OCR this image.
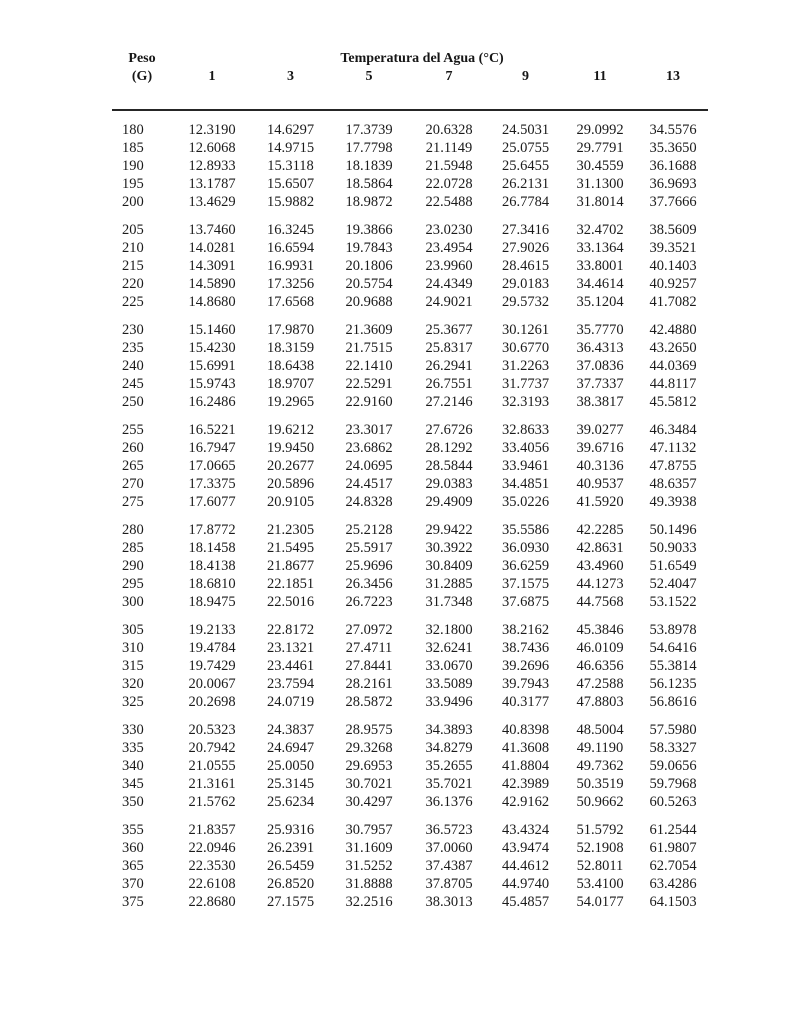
Peso	Temperatura del Agua (°C)						
(G)	1	3	5	7	9	11	13
180	12.3190	14.6297	17.3739	20.6328	24.5031	29.0992	34.5576
185	12.6068	14.9715	17.7798	21.1149	25.0755	29.7791	35.3650
190	12.8933	15.3118	18.1839	21.5948	25.6455	30.4559	36.1688
195	13.1787	15.6507	18.5864	22.0728	26.2131	31.1300	36.9693
200	13.4629	15.9882	18.9872	22.5488	26.7784	31.8014	37.7666
205	13.7460	16.3245	19.3866	23.0230	27.3416	32.4702	38.5609
210	14.0281	16.6594	19.7843	23.4954	27.9026	33.1364	39.3521
215	14.3091	16.9931	20.1806	23.9960	28.4615	33.8001	40.1403
220	14.5890	17.3256	20.5754	24.4349	29.0183	34.4614	40.9257
225	14.8680	17.6568	20.9688	24.9021	29.5732	35.1204	41.7082
230	15.1460	17.9870	21.3609	25.3677	30.1261	35.7770	42.4880
235	15.4230	18.3159	21.7515	25.8317	30.6770	36.4313	43.2650
240	15.6991	18.6438	22.1410	26.2941	31.2263	37.0836	44.0369
245	15.9743	18.9707	22.5291	26.7551	31.7737	37.7337	44.8117
250	16.2486	19.2965	22.9160	27.2146	32.3193	38.3817	45.5812
255	16.5221	19.6212	23.3017	27.6726	32.8633	39.0277	46.3484
260	16.7947	19.9450	23.6862	28.1292	33.4056	39.6716	47.1132
265	17.0665	20.2677	24.0695	28.5844	33.9461	40.3136	47.8755
270	17.3375	20.5896	24.4517	29.0383	34.4851	40.9537	48.6357
275	17.6077	20.9105	24.8328	29.4909	35.0226	41.5920	49.3938
280	17.8772	21.2305	25.2128	29.9422	35.5586	42.2285	50.1496
285	18.1458	21.5495	25.5917	30.3922	36.0930	42.8631	50.9033
290	18.4138	21.8677	25.9696	30.8409	36.6259	43.4960	51.6549
295	18.6810	22.1851	26.3456	31.2885	37.1575	44.1273	52.4047
300	18.9475	22.5016	26.7223	31.7348	37.6875	44.7568	53.1522
305	19.2133	22.8172	27.0972	32.1800	38.2162	45.3846	53.8978
310	19.4784	23.1321	27.4711	32.6241	38.7436	46.0109	54.6416
315	19.7429	23.4461	27.8441	33.0670	39.2696	46.6356	55.3814
320	20.0067	23.7594	28.2161	33.5089	39.7943	47.2588	56.1235
325	20.2698	24.0719	28.5872	33.9496	40.3177	47.8803	56.8616
330	20.5323	24.3837	28.9575	34.3893	40.8398	48.5004	57.5980
335	20.7942	24.6947	29.3268	34.8279	41.3608	49.1190	58.3327
340	21.0555	25.0050	29.6953	35.2655	41.8804	49.7362	59.0656
345	21.3161	25.3145	30.7021	35.7021	42.3989	50.3519	59.7968
350	21.5762	25.6234	30.4297	36.1376	42.9162	50.9662	60.5263
355	21.8357	25.9316	30.7957	36.5723	43.4324	51.5792	61.2544
360	22.0946	26.2391	31.1609	37.0060	43.9474	52.1908	61.9807
365	22.3530	26.5459	31.5252	37.4387	44.4612	52.8011	62.7054
370	22.6108	26.8520	31.8888	37.8705	44.9740	53.4100	63.4286
375	22.8680	27.1575	32.2516	38.3013	45.4857	54.0177	64.1503
